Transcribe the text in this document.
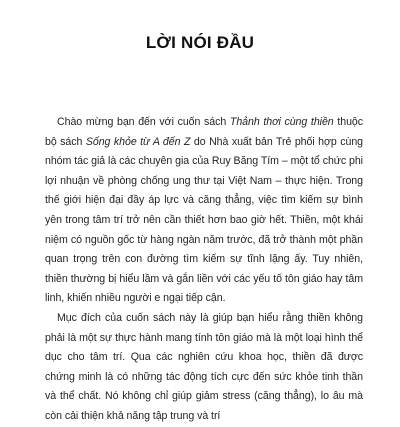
LỜI NÓI ĐẦU

Chào mừng bạn đến với cuốn sách Thảnh thơi cùng thiền thuộc bộ sách Sống khỏe từ A đến Z do Nhà xuất bản Trẻ phối hợp cùng nhóm tác giả là các chuyên gia của Ruy Băng Tím – một tổ chức phi lợi nhuận về phòng chống ung thư tại Việt Nam – thực hiện. Trong thế giới hiện đại đầy áp lực và căng thẳng, việc tìm kiếm sự bình yên trong tâm trí trở nên cần thiết hơn bao giờ hết. Thiền, một khái niệm có nguồn gốc từ hàng ngàn năm trước, đã trở thành một phần quan trọng trên con đường tìm kiếm sự tĩnh lặng ấy. Tuy nhiên, thiền thường bị hiểu lầm và gắn liền với các yếu tố tôn giáo hay tâm linh, khiến nhiều người e ngại tiếp cận.

Mục đích của cuốn sách này là giúp bạn hiểu rằng thiền không phải là một sự thực hành mang tính tôn giáo mà là một loại hình thể dục cho tâm trí. Qua các nghiên cứu khoa học, thiền đã được chứng minh là có những tác động tích cực đến sức khỏe tinh thần và thể chất. Nó không chỉ giúp giảm stress (căng thẳng), lo âu mà còn cải thiện khả năng tập trung và trí
